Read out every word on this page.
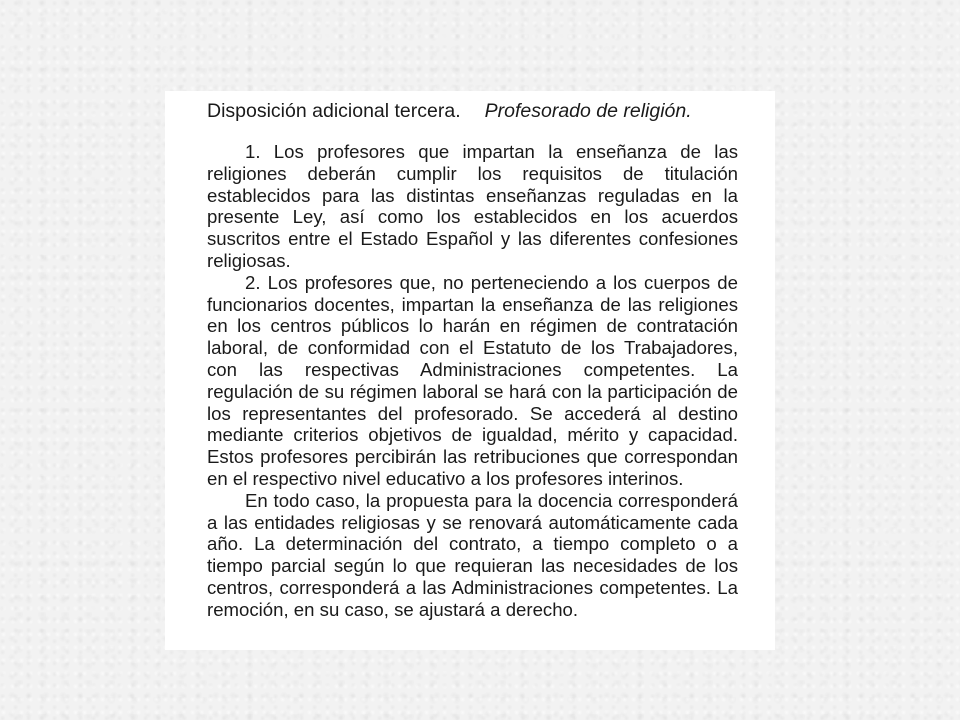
Disposición adicional tercera. Profesorado de religión.

1. Los profesores que impartan la enseñanza de las religiones deberán cumplir los requisitos de titulación establecidos para las distintas enseñanzas reguladas en la presente Ley, así como los establecidos en los acuerdos suscritos entre el Estado Español y las diferentes confesiones religiosas.

2. Los profesores que, no perteneciendo a los cuerpos de funcionarios docentes, impartan la enseñanza de las religiones en los centros públicos lo harán en régimen de contratación laboral, de conformidad con el Estatuto de los Trabajadores, con las respectivas Administraciones competentes. La regulación de su régimen laboral se hará con la participación de los representantes del profesorado. Se accederá al destino mediante criterios objetivos de igualdad, mérito y capacidad. Estos profesores percibirán las retribuciones que correspondan en el respectivo nivel educativo a los profesores interinos.

En todo caso, la propuesta para la docencia corresponderá a las entidades religiosas y se renovará automáticamente cada año. La determinación del contrato, a tiempo completo o a tiempo parcial según lo que requieran las necesidades de los centros, corresponderá a las Administraciones competentes. La remoción, en su caso, se ajustará a derecho.
